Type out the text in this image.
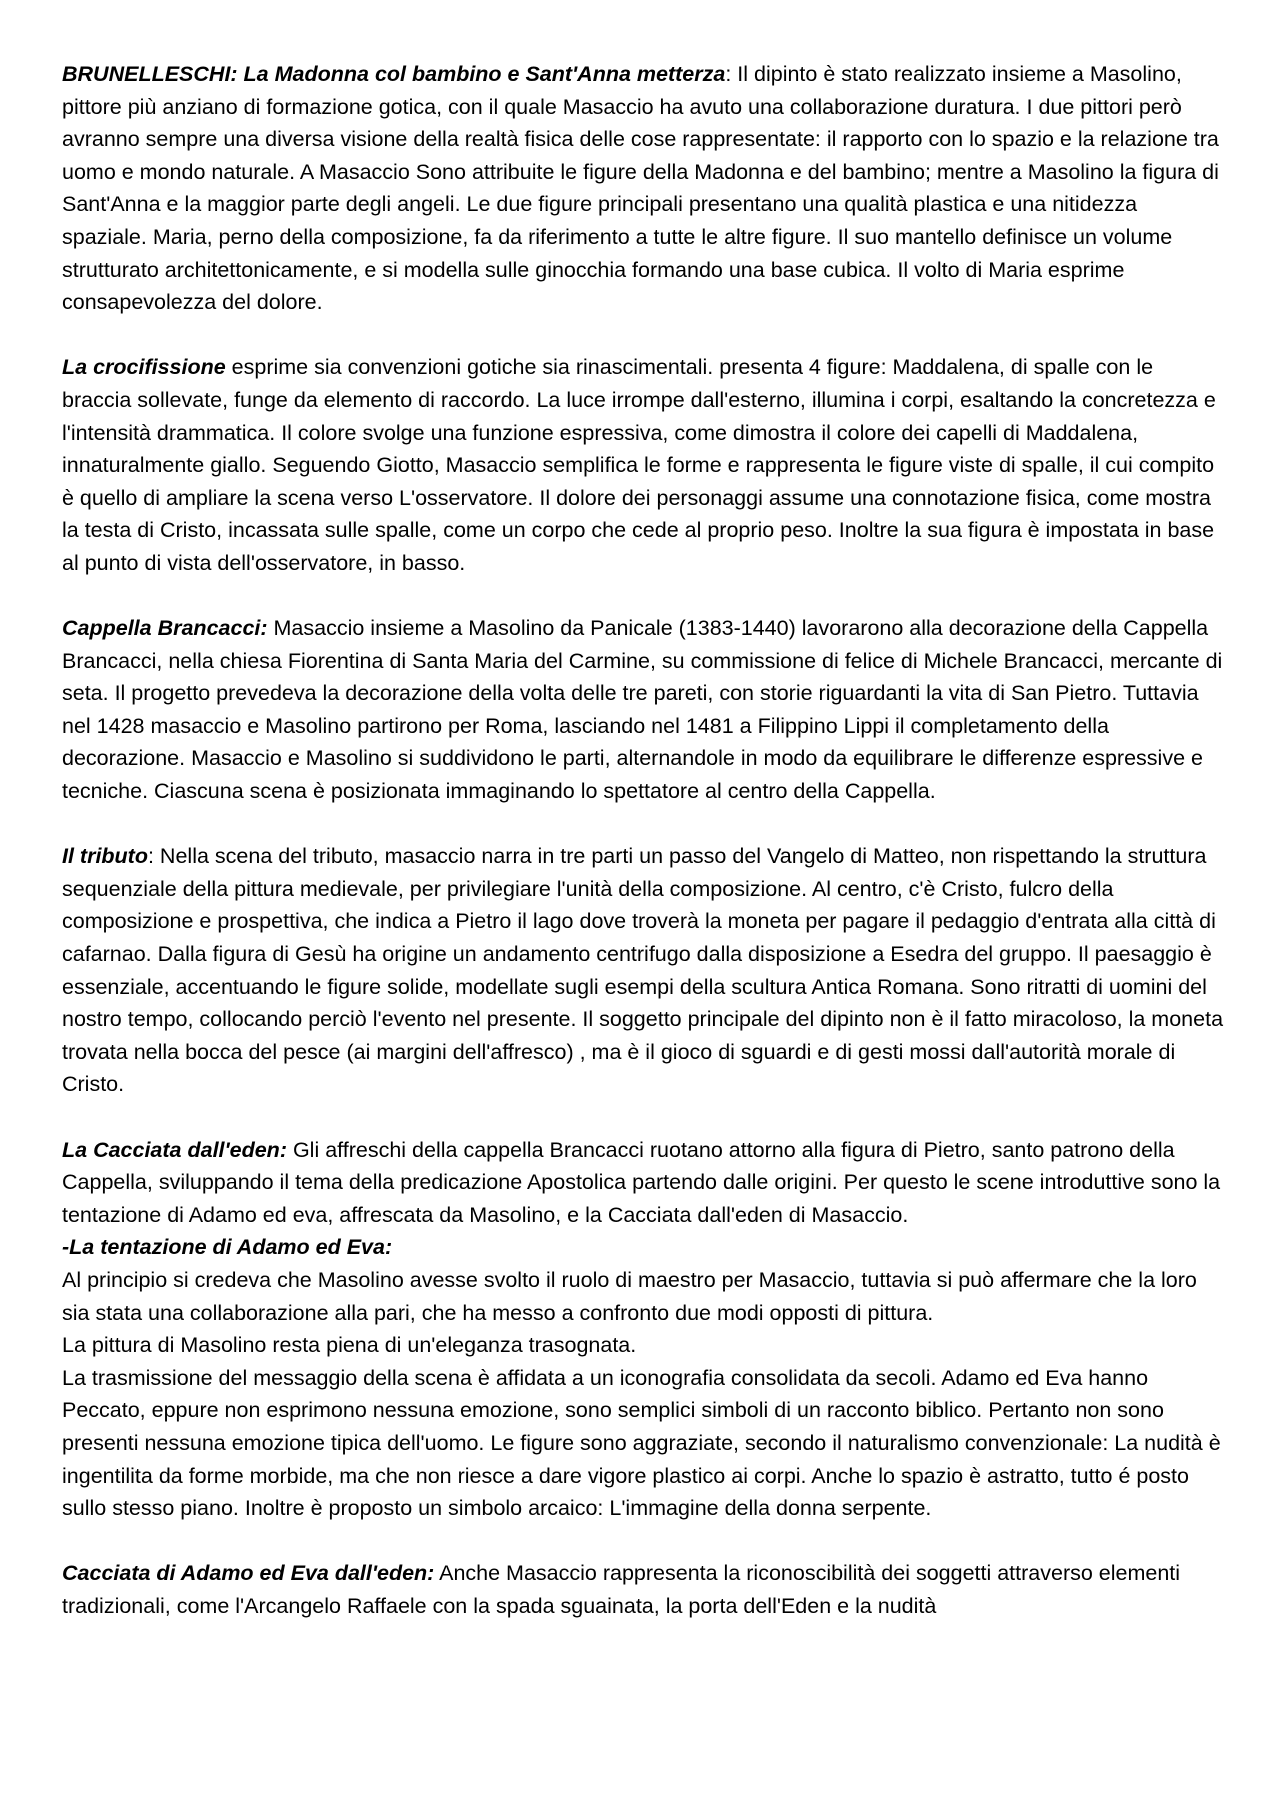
BRUNELLESCHI: La Madonna col bambino e Sant'Anna metterza: Il dipinto è stato realizzato insieme a Masolino, pittore più anziano di formazione gotica, con il quale Masaccio ha avuto una collaborazione duratura. I due pittori però avranno sempre una diversa visione della realtà fisica delle cose rappresentate: il rapporto con lo spazio e la relazione tra uomo e mondo naturale. A Masaccio Sono attribuite le figure della Madonna e del bambino; mentre a Masolino la figura di Sant'Anna e la maggior parte degli angeli. Le due figure principali presentano una qualità plastica e una nitidezza spaziale. Maria, perno della composizione, fa da riferimento a tutte le altre figure. Il suo mantello definisce un volume strutturato architettonicamente, e si modella sulle ginocchia formando una base cubica. Il volto di Maria esprime consapevolezza del dolore.

La crocifissione esprime sia convenzioni gotiche sia rinascimentali. presenta 4 figure: Maddalena, di spalle con le braccia sollevate, funge da elemento di raccordo. La luce irrompe dall'esterno, illumina i corpi, esaltando la concretezza e l'intensità drammatica. Il colore svolge una funzione espressiva, come dimostra il colore dei capelli di Maddalena, innaturalmente giallo. Seguendo Giotto, Masaccio semplifica le forme e rappresenta le figure viste di spalle, il cui compito è quello di ampliare la scena verso L'osservatore. Il dolore dei personaggi assume una connotazione fisica, come mostra la testa di Cristo, incassata sulle spalle, come un corpo che cede al proprio peso. Inoltre la sua figura è impostata in base al punto di vista dell'osservatore, in basso.

Cappella Brancacci: Masaccio insieme a Masolino da Panicale (1383-1440) lavorarono alla decorazione della Cappella Brancacci, nella chiesa Fiorentina di Santa Maria del Carmine, su commissione di felice di Michele Brancacci, mercante di seta. Il progetto prevedeva la decorazione della volta delle tre pareti, con storie riguardanti la vita di San Pietro. Tuttavia nel 1428 masaccio e Masolino partirono per Roma, lasciando nel 1481 a Filippino Lippi il completamento della decorazione. Masaccio e Masolino si suddividono le parti, alternandole in modo da equilibrare le differenze espressive e tecniche. Ciascuna scena è posizionata immaginando lo spettatore al centro della Cappella.

Il tributo: Nella scena del tributo, masaccio narra in tre parti un passo del Vangelo di Matteo, non rispettando la struttura sequenziale della pittura medievale, per privilegiare l'unità della composizione. Al centro, c'è Cristo, fulcro della composizione e prospettiva, che indica a Pietro il lago dove troverà la moneta per pagare il pedaggio d'entrata alla città di cafarnao. Dalla figura di Gesù ha origine un andamento centrifugo dalla disposizione a Esedra del gruppo. Il paesaggio è essenziale, accentuando le figure solide, modellate sugli esempi della scultura Antica Romana. Sono ritratti di uomini del nostro tempo, collocando perciò l'evento nel presente. Il soggetto principale del dipinto non è il fatto miracoloso, la moneta trovata nella bocca del pesce (ai margini dell'affresco) , ma è il gioco di sguardi e di gesti mossi dall'autorità morale di Cristo.

La Cacciata dall'eden: Gli affreschi della cappella Brancacci ruotano attorno alla figura di Pietro, santo patrono della Cappella, sviluppando il tema della predicazione Apostolica partendo dalle origini. Per questo le scene introduttive sono la tentazione di Adamo ed eva, affrescata da Masolino, e la Cacciata dall'eden di Masaccio.

-La tentazione di Adamo ed Eva:

Al principio si credeva che Masolino avesse svolto il ruolo di maestro per Masaccio, tuttavia si può affermare che la loro sia stata una collaborazione alla pari, che ha messo a confronto due modi opposti di pittura.

La pittura di Masolino resta piena di un'eleganza trasognata.

La trasmissione del messaggio della scena è affidata a un iconografia consolidata da secoli. Adamo ed Eva hanno Peccato, eppure non esprimono nessuna emozione, sono semplici simboli di un racconto biblico. Pertanto non sono presenti nessuna emozione tipica dell'uomo. Le figure sono aggraziate, secondo il naturalismo convenzionale: La nudità è ingentilita da forme morbide, ma che non riesce a dare vigore plastico ai corpi. Anche lo spazio è astratto, tutto é posto sullo stesso piano. Inoltre è proposto un simbolo arcaico: L'immagine della donna serpente.

Cacciata di Adamo ed Eva dall'eden: Anche Masaccio rappresenta la riconoscibilità dei soggetti attraverso elementi tradizionali, come l'Arcangelo Raffaele con la spada sguainata, la porta dell'Eden e la nudità
